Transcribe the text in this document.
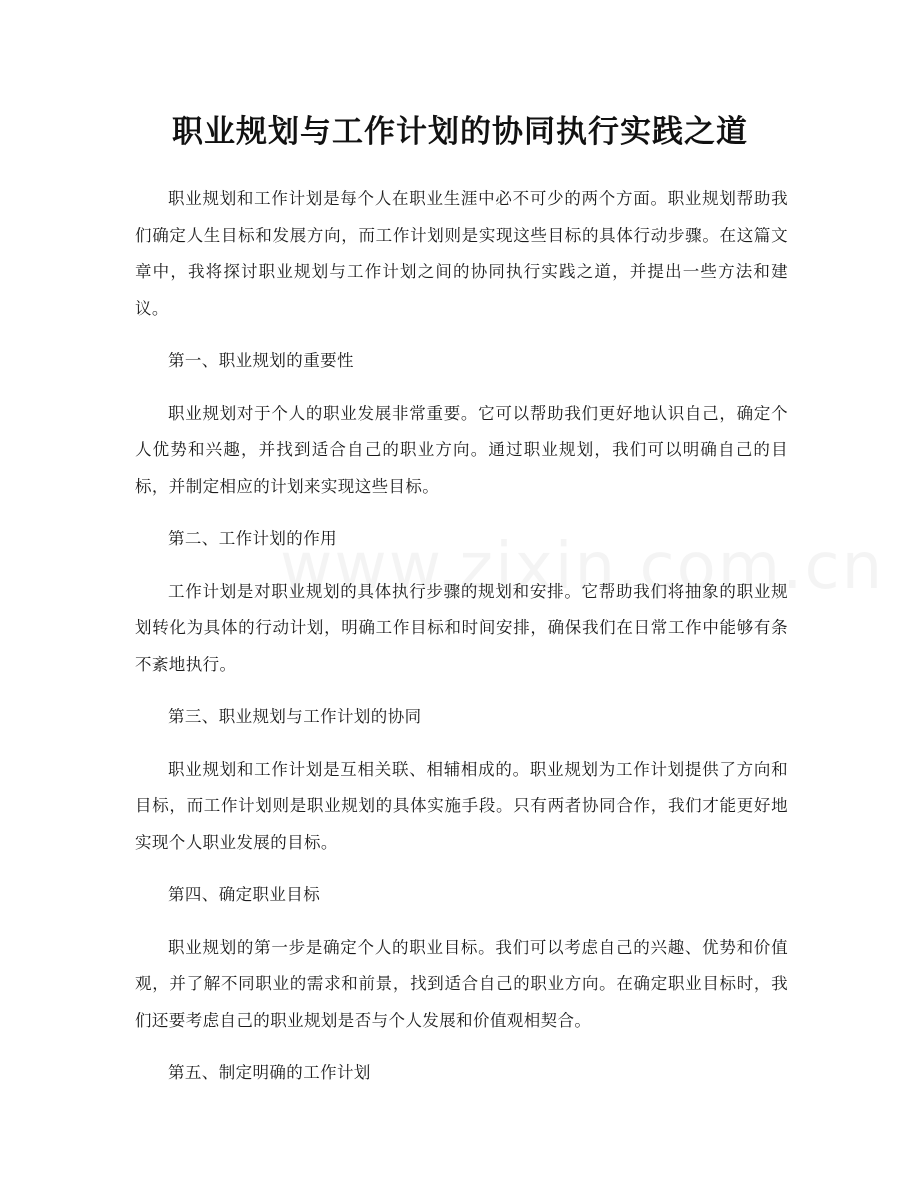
职业规划与工作计划的协同执行实践之道

职业规划和工作计划是每个人在职业生涯中必不可少的两个方面。职业规划帮助我们确定人生目标和发展方向，而工作计划则是实现这些目标的具体行动步骤。在这篇文章中，我将探讨职业规划与工作计划之间的协同执行实践之道，并提出一些方法和建议。

第一、职业规划的重要性

职业规划对于个人的职业发展非常重要。它可以帮助我们更好地认识自己，确定个人优势和兴趣，并找到适合自己的职业方向。通过职业规划，我们可以明确自己的目标，并制定相应的计划来实现这些目标。

第二、工作计划的作用

工作计划是对职业规划的具体执行步骤的规划和安排。它帮助我们将抽象的职业规划转化为具体的行动计划，明确工作目标和时间安排，确保我们在日常工作中能够有条不紊地执行。

第三、职业规划与工作计划的协同

职业规划和工作计划是互相关联、相辅相成的。职业规划为工作计划提供了方向和目标，而工作计划则是职业规划的具体实施手段。只有两者协同合作，我们才能更好地实现个人职业发展的目标。

第四、确定职业目标

职业规划的第一步是确定个人的职业目标。我们可以考虑自己的兴趣、优势和价值观，并了解不同职业的需求和前景，找到适合自己的职业方向。在确定职业目标时，我们还要考虑自己的职业规划是否与个人发展和价值观相契合。

第五、制定明确的工作计划
